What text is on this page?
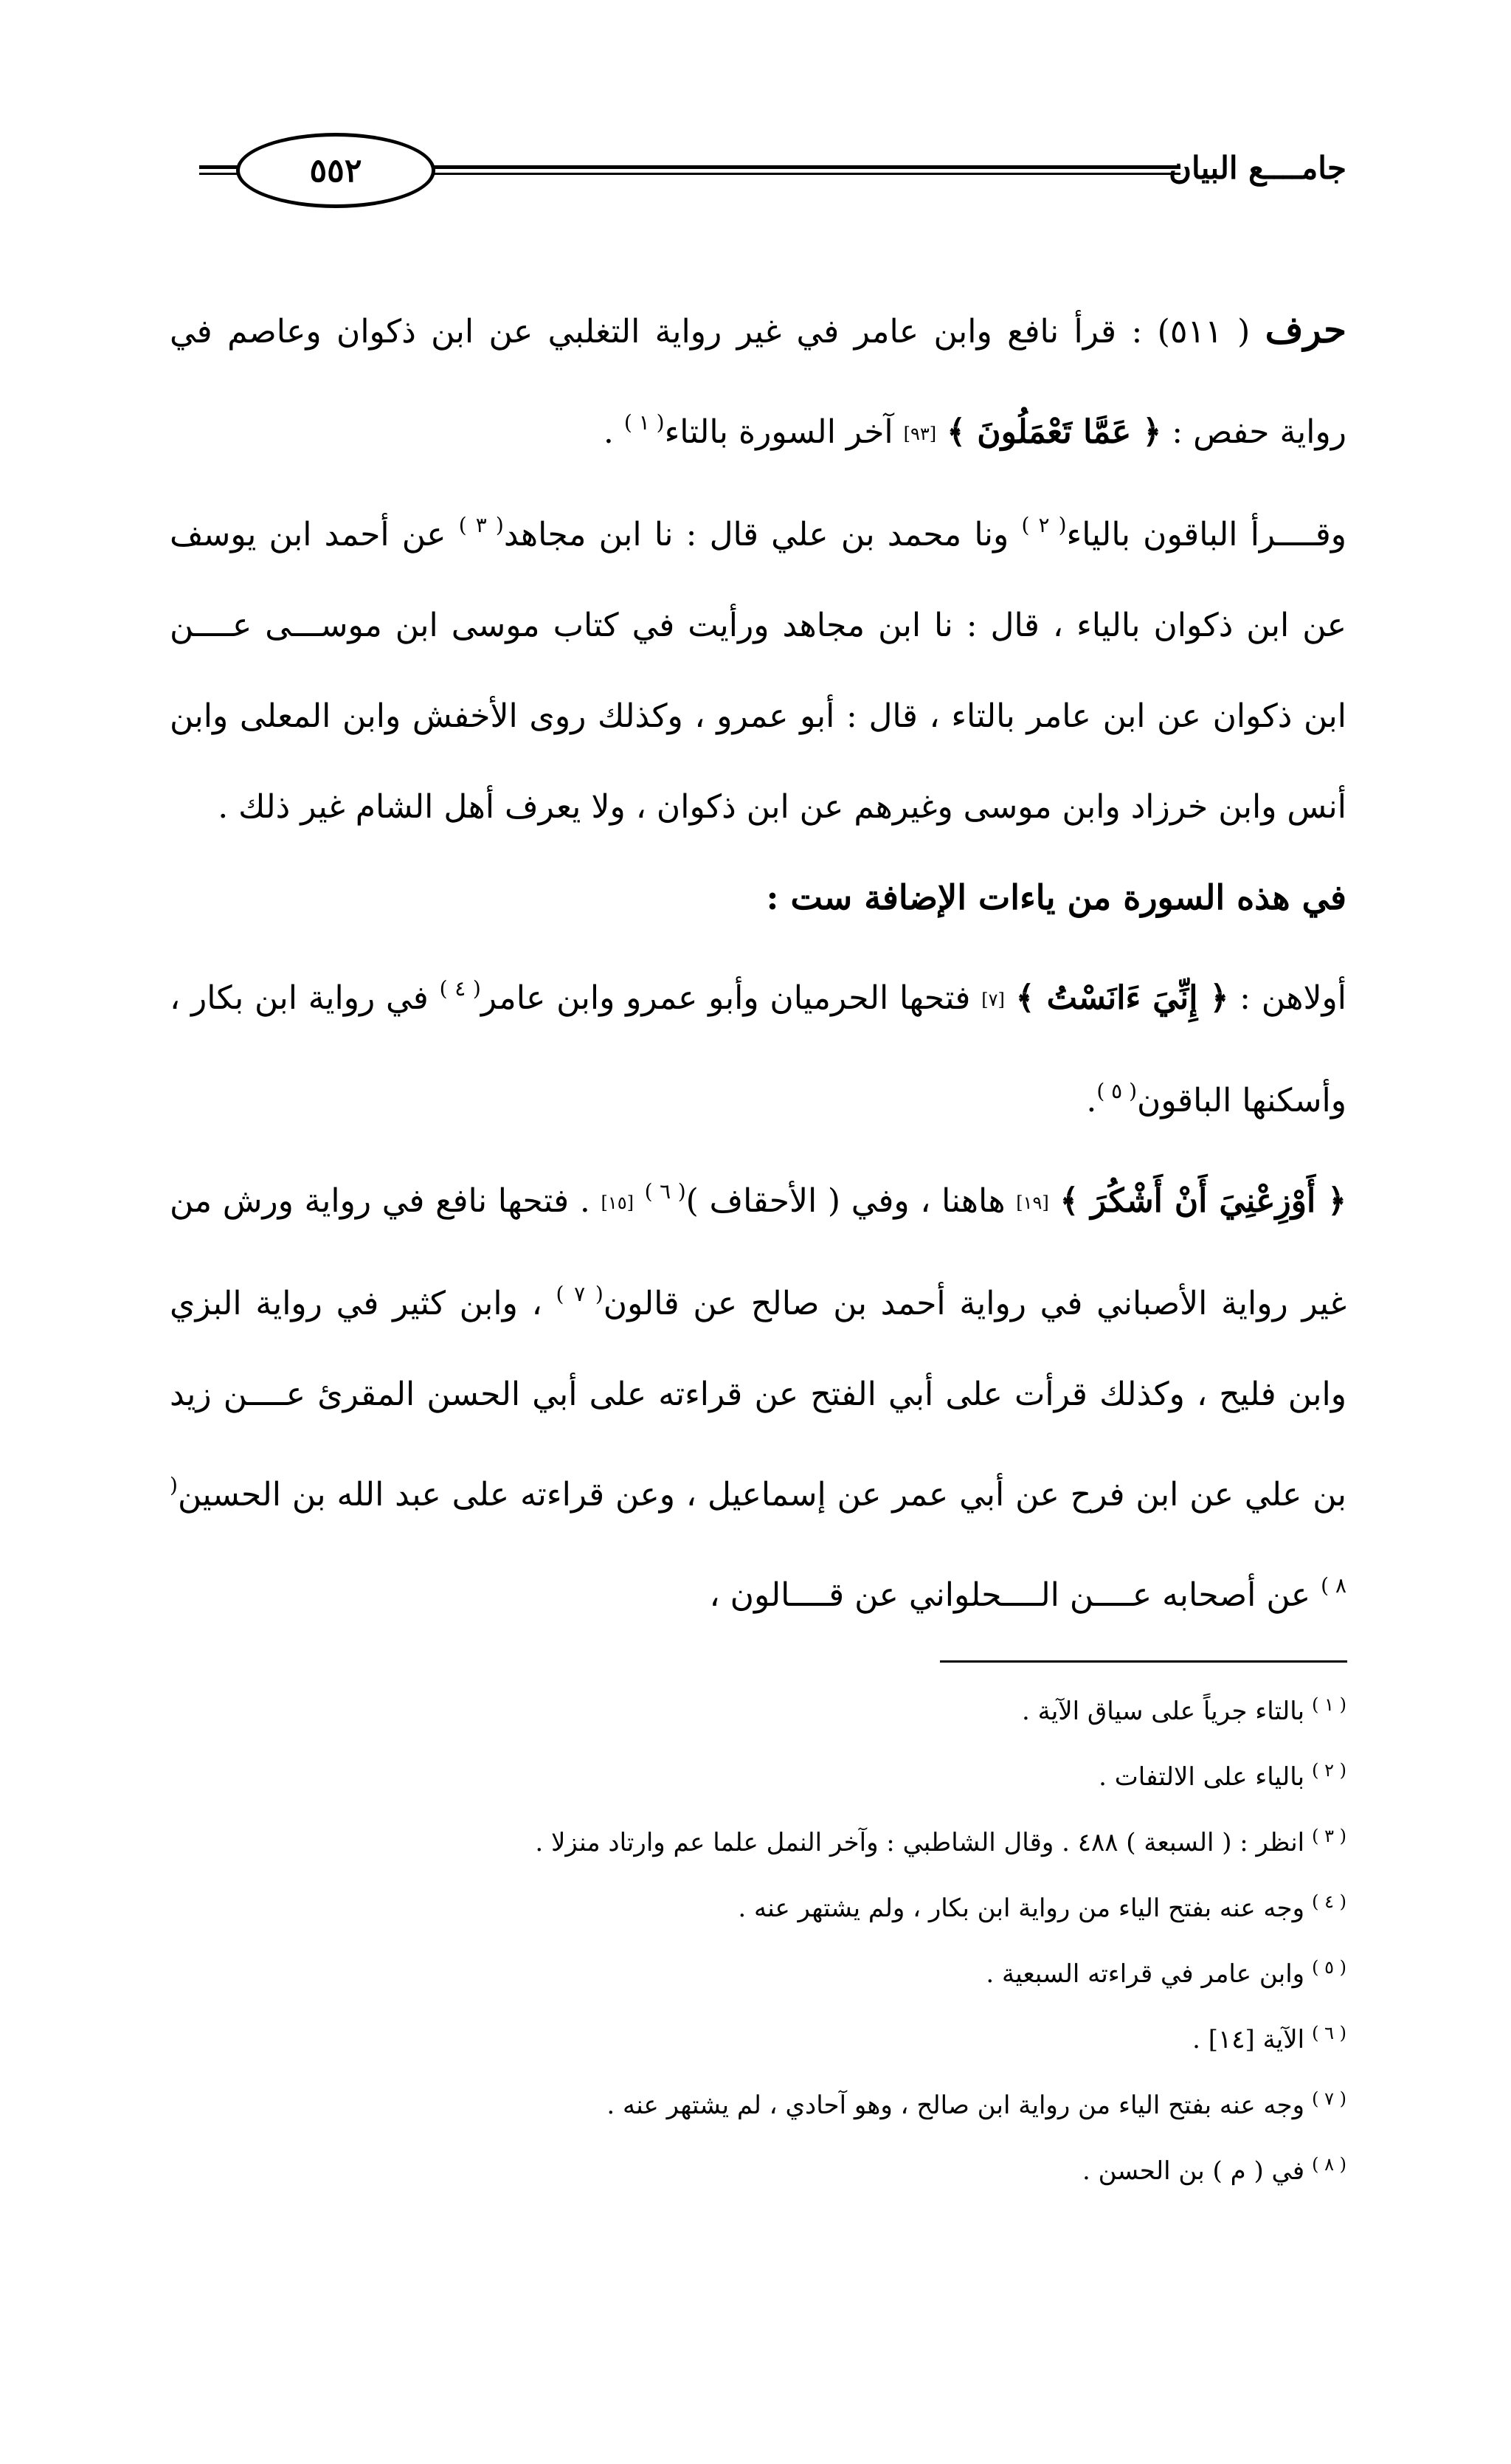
٥٥٢	جامــــع البيان

حرف ( ٥١١) : قرأ نافع وابن عامر في غير رواية التغلبي عن ابن ذكوان وعاصم في رواية حفص : ﴿ عَمَّا تَعْمَلُونَ ﴾ [٩٣] آخر السورة بالتاء$^{( ١ )}$ .

وقــــرأ الباقون بالياء$^{( ٢ )}$ ونا محمد بن علي قال : نا ابن مجاهد$^{( ٣ )}$ عن أحمد ابن يوسف عن ابن ذكوان بالياء ، قال : نا ابن مجاهد ورأيت في كتاب موسى ابن موســـى عــــن ابن ذكوان عن ابن عامر بالتاء ، قال : أبو عمرو ، وكذلك روى الأخفش وابن المعلى وابن أنس وابن خرزاد وابن موسى وغيرهم عن ابن ذكوان ، ولا يعرف أهل الشام غير ذلك .

في هذه السورة من ياءات الإضافة ست :

أولاهن : ﴿ إِنِّيَ ءَانَسْتُ ﴾ [٧] فتحها الحرميان وأبو عمرو وابن عامر$^{( ٤ )}$ في رواية ابن بكار ، وأسكنها الباقون$^{( ٥ )}$.

﴿ أَوْزِعْنِيَ أَنْ أَشْكُرَ ﴾ [١٩] هاهنا ، وفي ( الأحقاف )$^{( ٦ )}$ [١٥] . فتحها نافع في رواية ورش من غير رواية الأصباني في رواية أحمد بن صالح عن قالون$^{( ٧ )}$ ، وابن كثير في رواية البزي وابن فليح ، وكذلك قرأت على أبي الفتح عن قراءته على أبي الحسن المقرئ عــــن زيد بن علي عن ابن فرح عن أبي عمر عن إسماعيل ، وعن قراءته على عبد الله بن الحسين$^{( ٨ )}$ عن أصحابه عــــن الــــحلواني عن قــــالون ،

$^{( ١ )}$بالتاء جرياً على سياق الآية .

$^{( ٢ )}$بالياء على الالتفات .

$^{( ٣ )}$انظر : ( السبعة ) ٤٨٨ . وقال الشاطبي : وآخر النمل علما عم وارتاد منزلا .

$^{( ٤ )}$وجه عنه بفتح الياء من رواية ابن بكار ، ولم يشتهر عنه .

$^{( ٥ )}$وابن عامر في قراءته السبعية .

$^{( ٦ )}$الآية [١٤] .

$^{( ٧ )}$وجه عنه بفتح الياء من رواية ابن صالح ، وهو آحادي ، لم يشتهر عنه .

$^{( ٨ )}$في ( م ) بن الحسن .
